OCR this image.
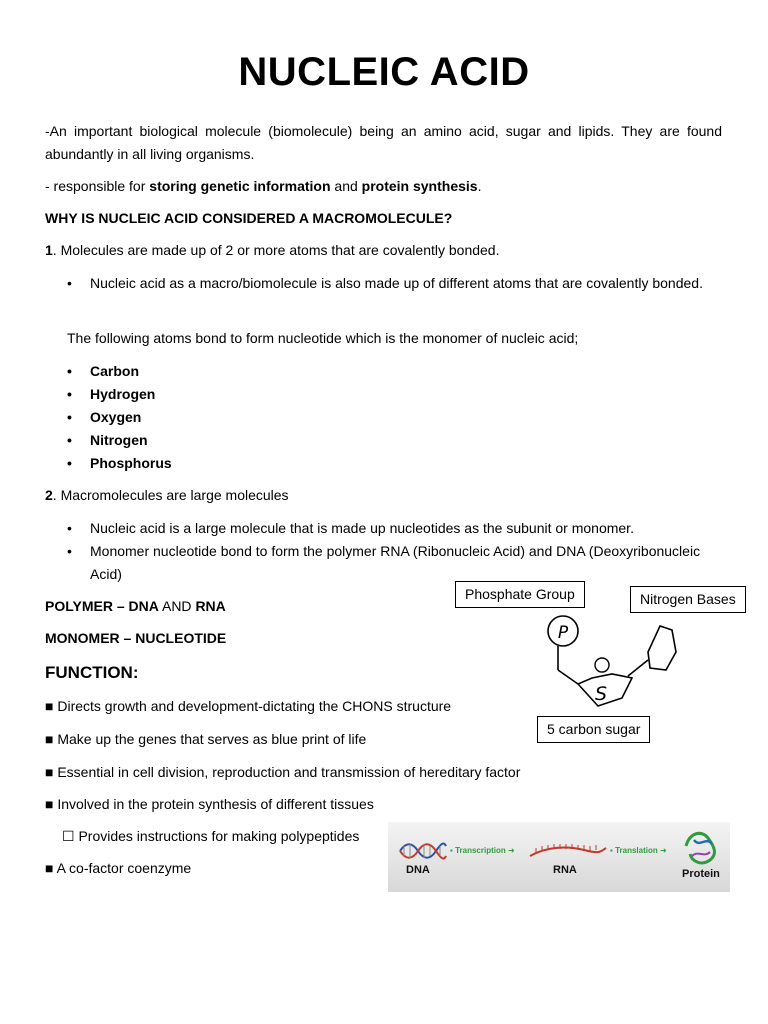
NUCLEIC ACID

-An important biological molecule (biomolecule) being an amino acid, sugar and lipids. They are found abundantly in all living organisms.

- responsible for storing genetic information and protein synthesis.

WHY IS NUCLEIC ACID CONSIDERED A MACROMOLECULE?

1. Molecules are made up of 2 or more atoms that are covalently bonded.

• Nucleic acid as a macro/biomolecule is also made up of different atoms that are covalently bonded.

The following atoms bond to form nucleotide which is the monomer of nucleic acid;

• Carbon
• Hydrogen
• Oxygen
• Nitrogen
• Phosphorus

2. Macromolecules are large molecules

• Nucleic acid is a large molecule that is made up nucleotides as the subunit or monomer.
• Monomer nucleotide bond to form the polymer RNA (Ribonucleic Acid) and DNA (Deoxyribonucleic Acid)

POLYMER – DNA AND RNA

MONOMER – NUCLEOTIDE

FUNCTION:

■ Directs growth and development-dictating the CHONS structure

■ Make up the genes that serves as blue print of life

■ Essential in cell division, reproduction and transmission of hereditary factor

■ Involved in the protein synthesis of different tissues

☐ Provides instructions for making polypeptides

■ A co-factor coenzyme

Phosphate Group	Nitrogen Bases
P
S
5 carbon sugar
DNA
▪ Transcription ➜
RNA
▪ Translation ➜
Protein
